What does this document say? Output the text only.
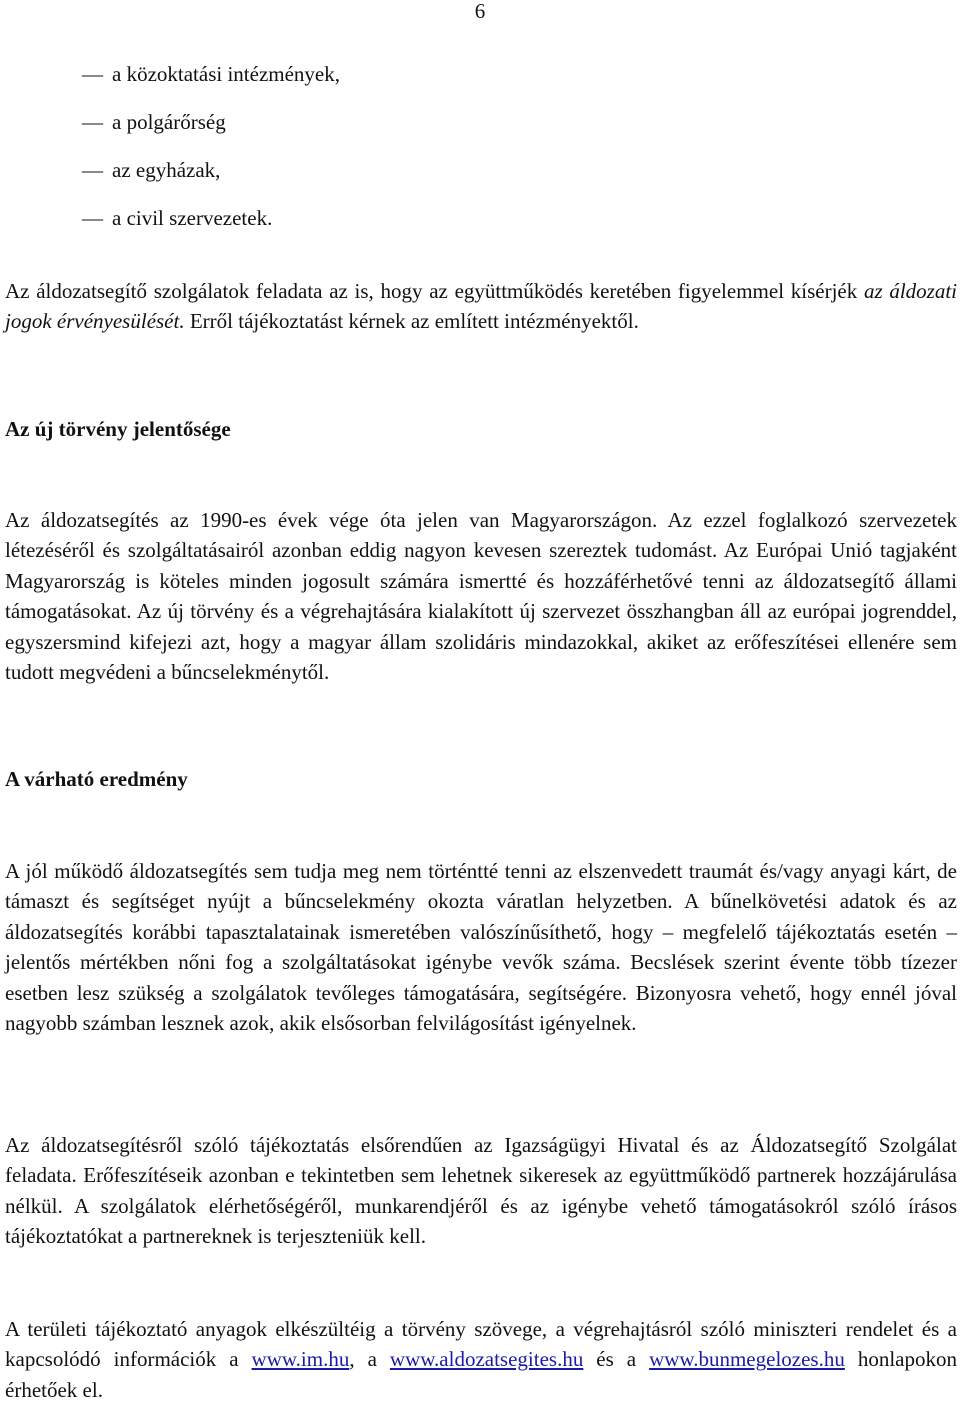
6
— a közoktatási intézmények,
— a polgárőrség
— az egyházak,
— a civil szervezetek.

Az áldozatsegítő szolgálatok feladata az is, hogy az együttműködés keretében figyelemmel kísérjék az áldozati jogok érvényesülését. Erről tájékoztatást kérnek az említett intézményektől.

Az új törvény jelentősége

Az áldozatsegítés az 1990-es évek vége óta jelen van Magyarországon. Az ezzel foglalkozó szervezetek létezéséről és szolgáltatásairól azonban eddig nagyon kevesen szereztek tudomást. Az Európai Unió tagjaként Magyarország is köteles minden jogosult számára ismertté és hozzáférhetővé tenni az áldozatsegítő állami támogatásokat. Az új törvény és a végrehajtására kialakított új szervezet összhangban áll az európai jogrenddel, egyszersmind kifejezi azt, hogy a magyar állam szolidáris mindazokkal, akiket az erőfeszítései ellenére sem tudott megvédeni a bűncselekménytől.

A várható eredmény

A jól működő áldozatsegítés sem tudja meg nem történtté tenni az elszenvedett traumát és/vagy anyagi kárt, de támaszt és segítséget nyújt a bűncselekmény okozta váratlan helyzetben. A bűnelkövetési adatok és az áldozatsegítés korábbi tapasztalatainak ismeretében valószínűsíthető, hogy – megfelelő tájékoztatás esetén – jelentős mértékben nőni fog a szolgáltatásokat igénybe vevők száma. Becslések szerint évente több tízezer esetben lesz szükség a szolgálatok tevőleges támogatására, segítségére. Bizonyosra vehető, hogy ennél jóval nagyobb számban lesznek azok, akik elsősorban felvilágosítást igényelnek.

Az áldozatsegítésről szóló tájékoztatás elsőrendűen az Igazságügyi Hivatal és az Áldozatsegítő Szolgálat feladata. Erőfeszítéseik azonban e tekintetben sem lehetnek sikeresek az együttműködő partnerek hozzájárulása nélkül. A szolgálatok elérhetőségéről, munkarendjéről és az igénybe vehető támogatásokról szóló írásos tájékoztatókat a partnereknek is terjeszteniük kell.

A területi tájékoztató anyagok elkészültéig a törvény szövege, a végrehajtásról szóló miniszteri rendelet és a kapcsolódó információk a www.im.hu, a www.aldozatsegites.hu és a www.bunmegelozes.hu honlapokon érhetőek el.
